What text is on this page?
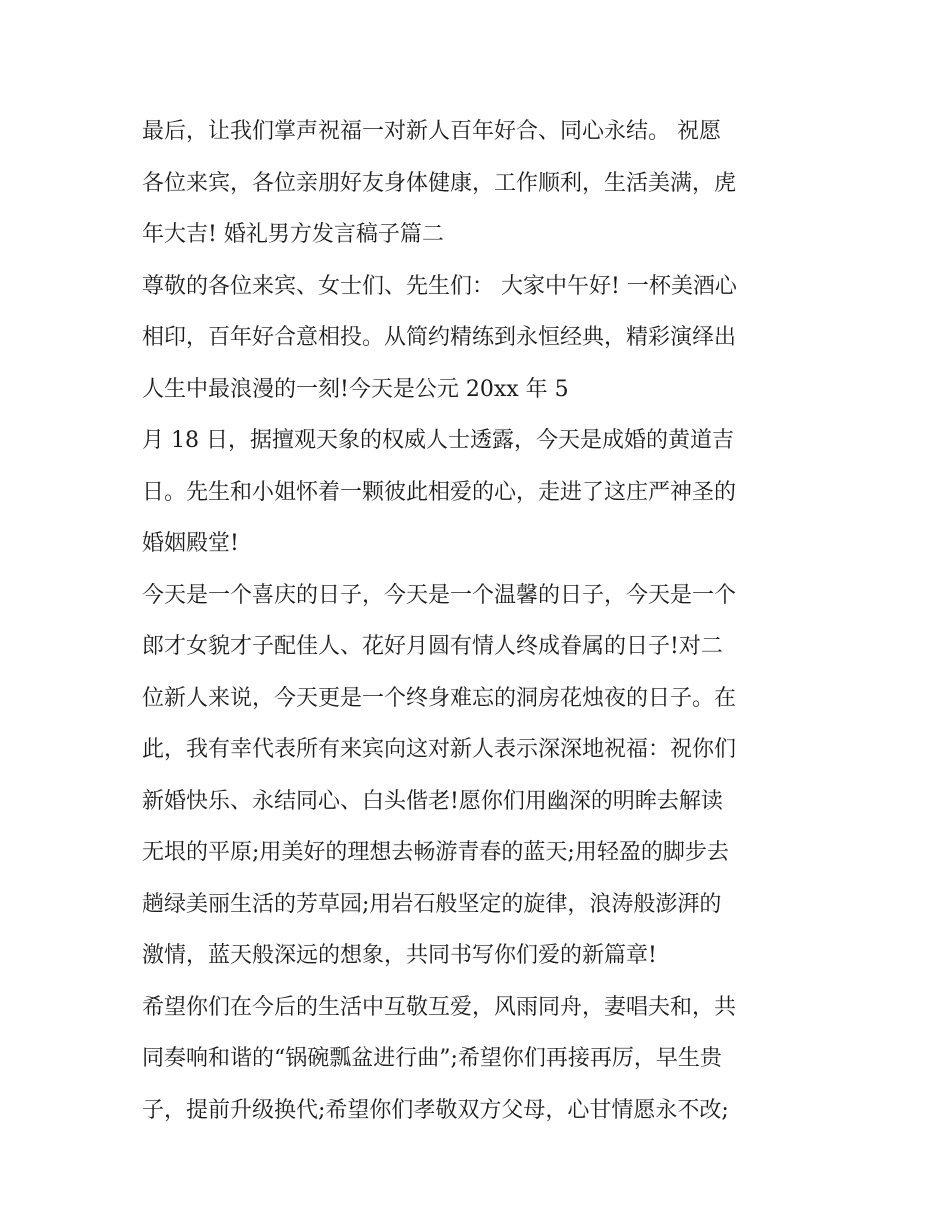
最后，让我们掌声祝福一对新人百年好合、同心永结。 祝愿
各位来宾，各位亲朋好友身体健康，工作顺利，生活美满，虎
年大吉! 婚礼男方发言稿子篇二
尊敬的各位来宾、女士们、先生们： 大家中午好! 一杯美酒心
相印，百年好合意相投。从简约精练到永恒经典，精彩演绎出
人生中最浪漫的一刻!今天是公元 20xx 年 5
月 18 日，据擅观天象的权威人士透露，今天是成婚的黄道吉
日。先生和小姐怀着一颗彼此相爱的心，走进了这庄严神圣的
婚姻殿堂!
今天是一个喜庆的日子，今天是一个温馨的日子，今天是一个
郎才女貌才子配佳人、花好月圆有情人终成眷属的日子!对二
位新人来说，今天更是一个终身难忘的洞房花烛夜的日子。在
此，我有幸代表所有来宾向这对新人表示深深地祝福：祝你们
新婚快乐、永结同心、白头偕老!愿你们用幽深的明眸去解读
无垠的平原;用美好的理想去畅游青春的蓝天;用轻盈的脚步去
趟绿美丽生活的芳草园;用岩石般坚定的旋律，浪涛般澎湃的
激情，蓝天般深远的想象，共同书写你们爱的新篇章!
希望你们在今后的生活中互敬互爱，风雨同舟，妻唱夫和，共
同奏响和谐的“锅碗瓢盆进行曲”;希望你们再接再厉，早生贵
子，提前升级换代;希望你们孝敬双方父母，心甘情愿永不改;
